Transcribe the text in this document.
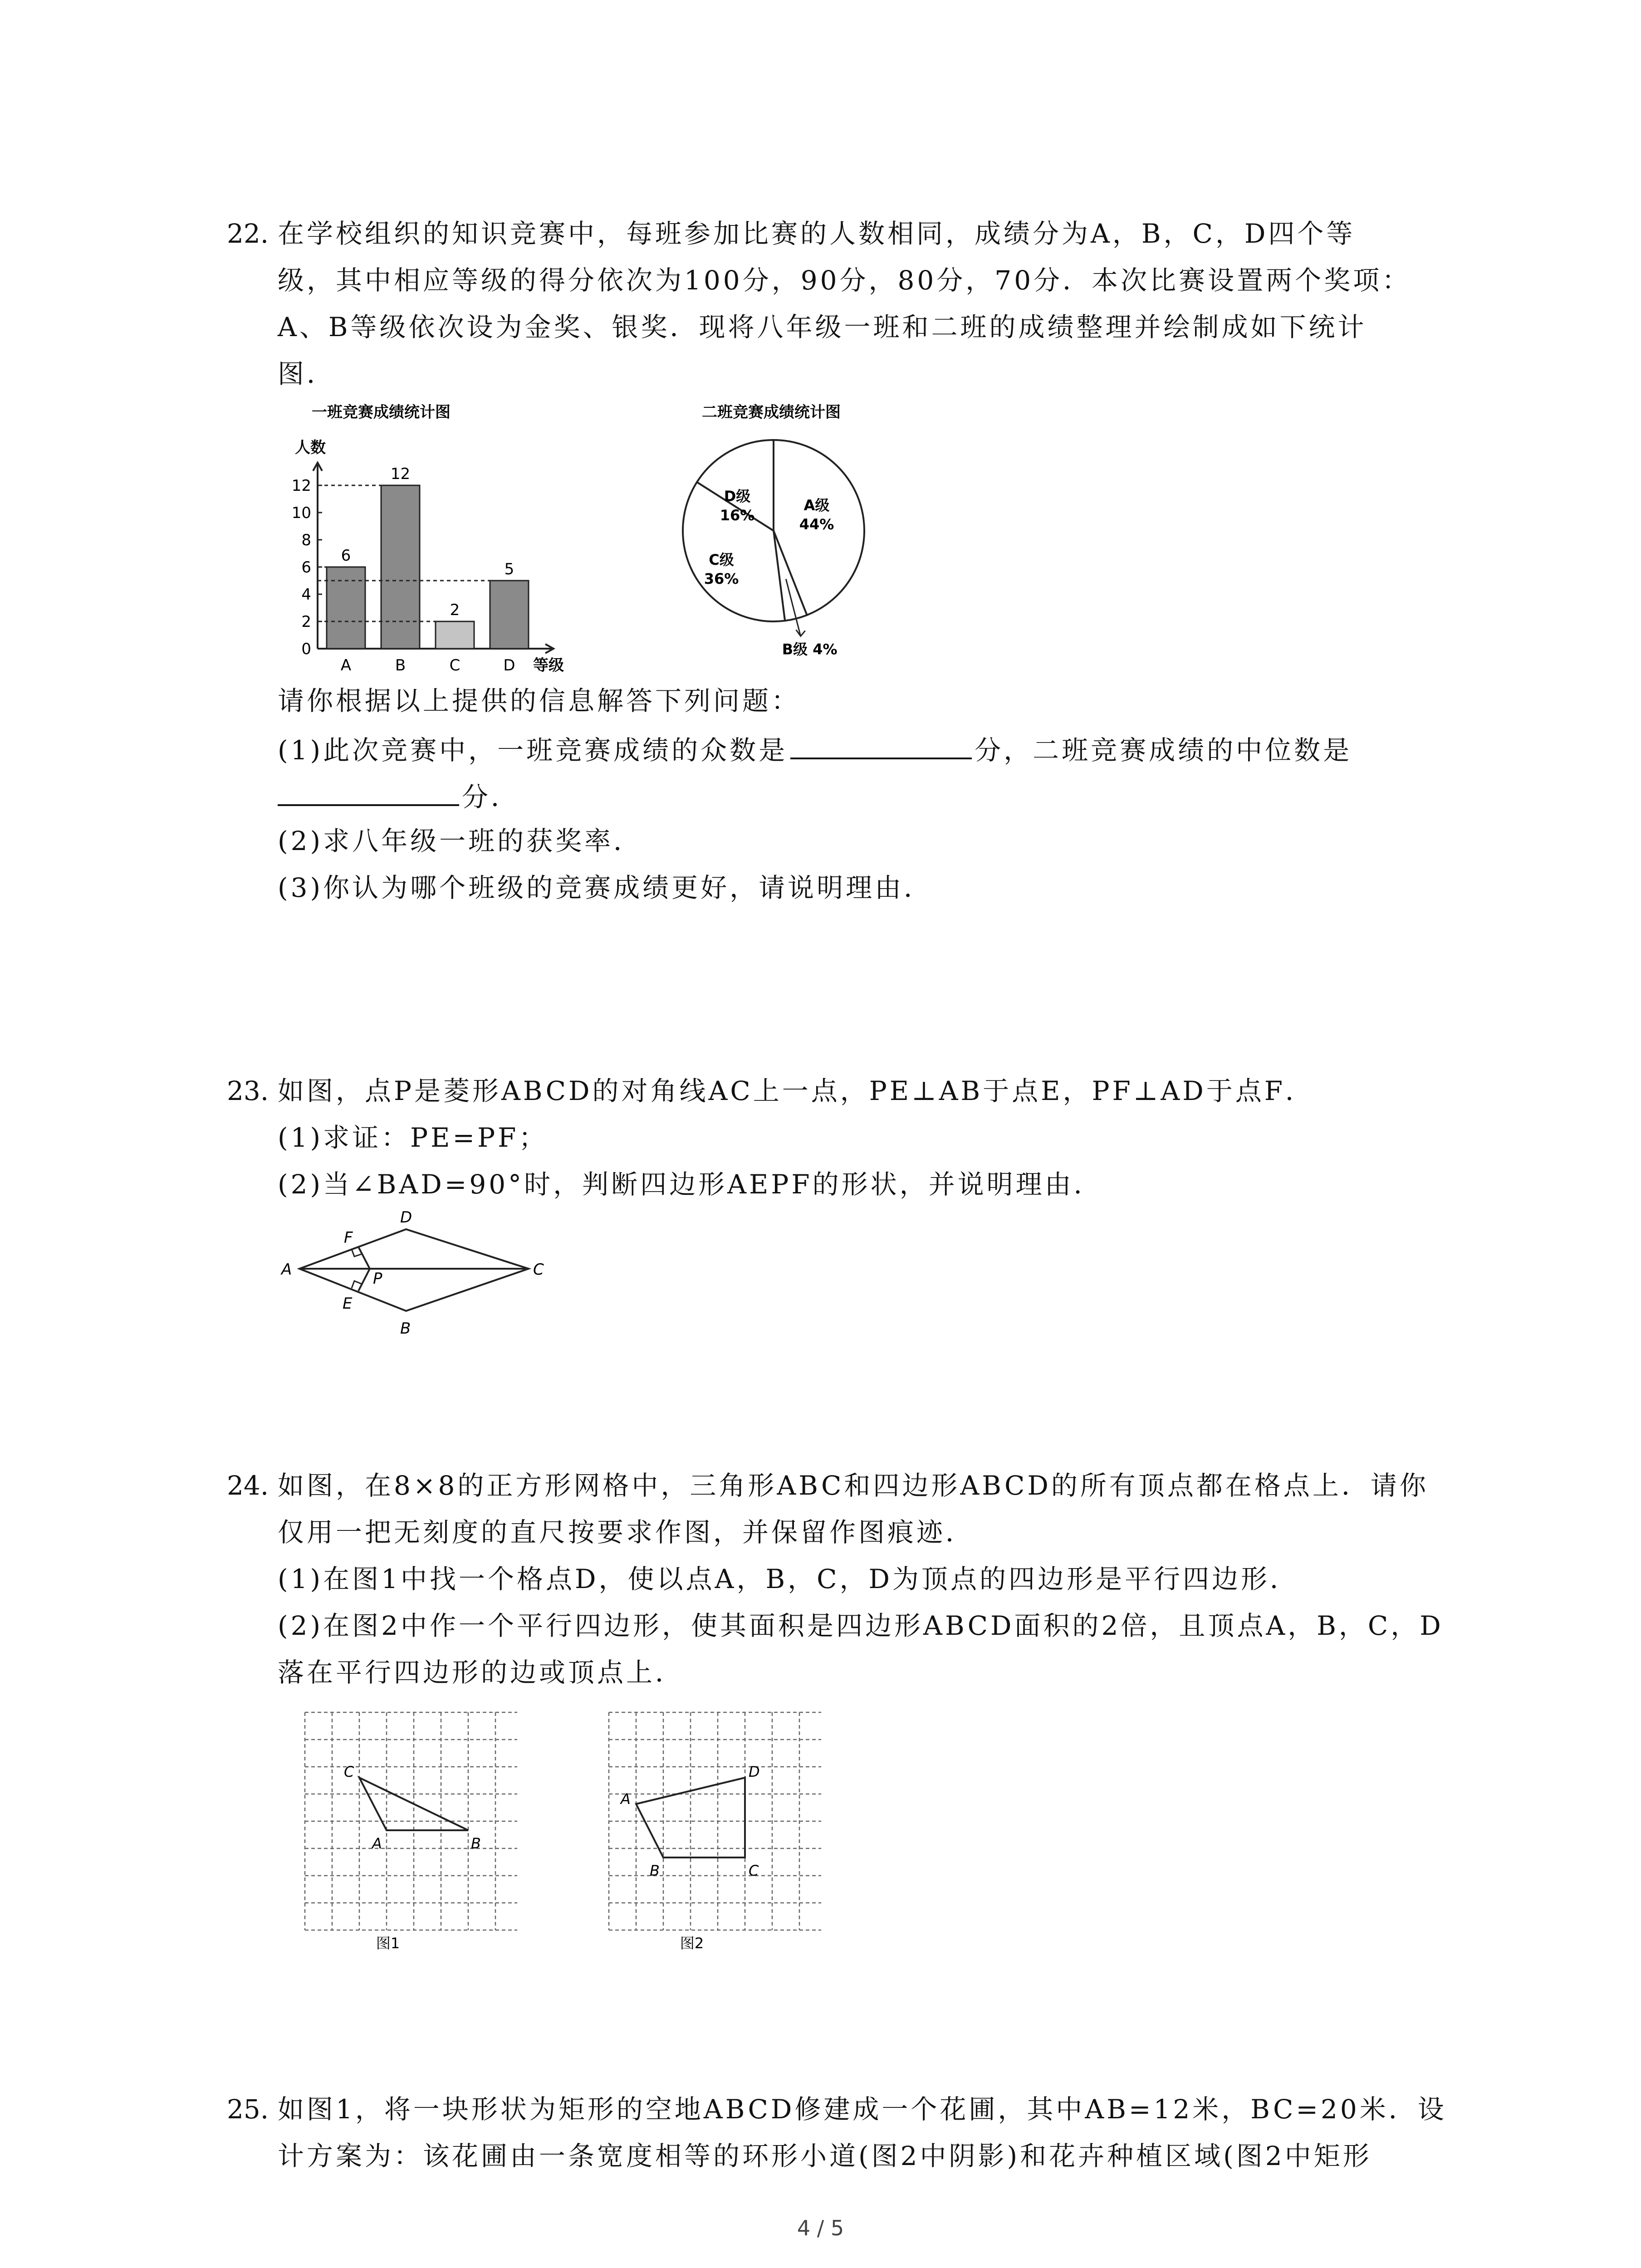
22. 在学校组织的知识竞赛中，每班参加比赛的人数相同，成绩分为A，B，C，D四个等
级，其中相应等级的得分依次为100分，90分，80分，70分．本次比赛设置两个奖项：
A、B等级依次设为金奖、银奖．现将八年级一班和二班的成绩整理并绘制成如下统计
图．
一班竞赛成绩统计图
人数
0
2
4
6
8
10
12
6
A
12
B
2
C
5
D 等级
二班竞赛成绩统计图
A级
44%
B级 4%
C级
36%
D级
16%
请你根据以上提供的信息解答下列问题：
(1)此次竞赛中，一班竞赛成绩的众数是	分，二班竞赛成绩的中位数是
分．
(2)求八年级一班的获奖率．
(3)你认为哪个班级的竞赛成绩更好，请说明理由．
23. 如图，点P是菱形ABCD的对角线AC上一点，PE⊥AB于点E，PF⊥AD于点F．
(1)求证：PE=PF；
(2)当∠BAD=90°时，判断四边形AEPF的形状，并说明理由．
A
B
C
D
E
F
P
24. 如图，在8×8的正方形网格中，三角形ABC和四边形ABCD的所有顶点都在格点上．请你
仅用一把无刻度的直尺按要求作图，并保留作图痕迹．
(1)在图1中找一个格点D，使以点A，B，C，D为顶点的四边形是平行四边形．
(2)在图2中作一个平行四边形，使其面积是四边形ABCD面积的2倍，且顶点A，B，C，D
落在平行四边形的边或顶点上．
C
A	B
图1
A
B	C
D
图2
25. 如图1，将一块形状为矩形的空地ABCD修建成一个花圃，其中AB=12米，BC=20米．设
计方案为：该花圃由一条宽度相等的环形小道(图2中阴影)和花卉种植区域(图2中矩形
4 / 5
